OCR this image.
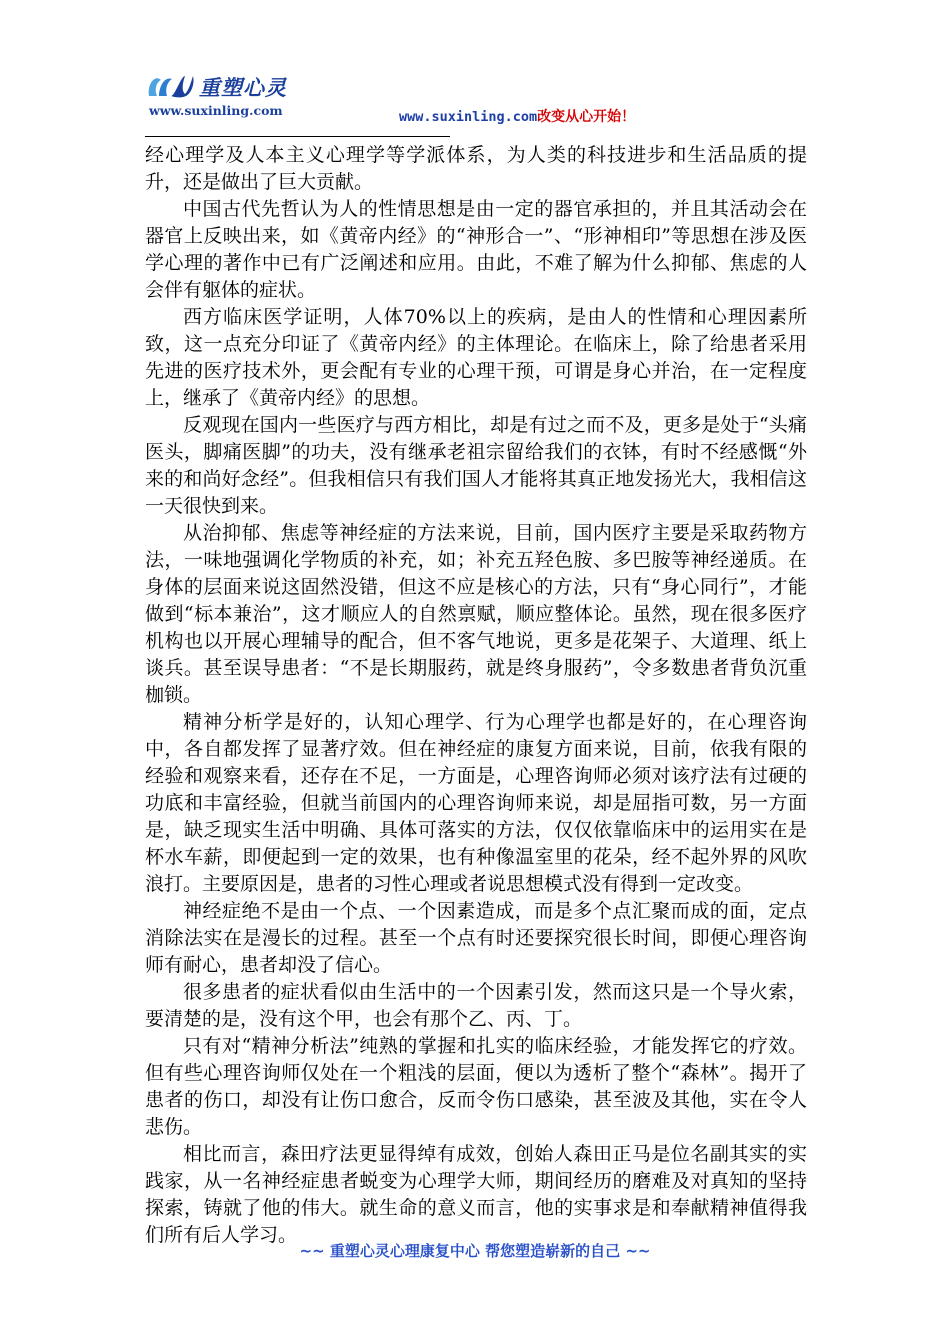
重塑心灵
www.suxinling.com	www.suxinling.com改变从心开始！

经心理学及人本主义心理学等学派体系，为人类的科技进步和生活品质的提升，还是做出了巨大贡献。

中国古代先哲认为人的性情思想是由一定的器官承担的，并且其活动会在器官上反映出来，如《黄帝内经》的“神形合一”、“形神相印”等思想在涉及医学心理的著作中已有广泛阐述和应用。由此，不难了解为什么抑郁、焦虑的人会伴有躯体的症状。

西方临床医学证明，人体70%以上的疾病，是由人的性情和心理因素所致，这一点充分印证了《黄帝内经》的主体理论。在临床上，除了给患者采用先进的医疗技术外，更会配有专业的心理干预，可谓是身心并治，在一定程度上，继承了《黄帝内经》的思想。

反观现在国内一些医疗与西方相比，却是有过之而不及，更多是处于“头痛医头，脚痛医脚”的功夫，没有继承老祖宗留给我们的衣钵，有时不经感慨“外来的和尚好念经”。但我相信只有我们国人才能将其真正地发扬光大，我相信这一天很快到来。

从治抑郁、焦虑等神经症的方法来说，目前，国内医疗主要是采取药物方法，一味地强调化学物质的补充，如；补充五羟色胺、多巴胺等神经递质。在身体的层面来说这固然没错，但这不应是核心的方法，只有“身心同行”，才能做到“标本兼治”，这才顺应人的自然禀赋，顺应整体论。虽然，现在很多医疗机构也以开展心理辅导的配合，但不客气地说，更多是花架子、大道理、纸上谈兵。甚至误导患者：“不是长期服药，就是终身服药”，令多数患者背负沉重枷锁。

精神分析学是好的，认知心理学、行为心理学也都是好的，在心理咨询中，各自都发挥了显著疗效。但在神经症的康复方面来说，目前，依我有限的经验和观察来看，还存在不足，一方面是，心理咨询师必须对该疗法有过硬的功底和丰富经验，但就当前国内的心理咨询师来说，却是屈指可数，另一方面是，缺乏现实生活中明确、具体可落实的方法，仅仅依靠临床中的运用实在是杯水车薪，即便起到一定的效果，也有种像温室里的花朵，经不起外界的风吹浪打。主要原因是，患者的习性心理或者说思想模式没有得到一定改变。

神经症绝不是由一个点、一个因素造成，而是多个点汇聚而成的面，定点消除法实在是漫长的过程。甚至一个点有时还要探究很长时间，即便心理咨询师有耐心，患者却没了信心。

很多患者的症状看似由生活中的一个因素引发，然而这只是一个导火索，要清楚的是，没有这个甲，也会有那个乙、丙、丁。

只有对“精神分析法”纯熟的掌握和扎实的临床经验，才能发挥它的疗效。但有些心理咨询师仅处在一个粗浅的层面，便以为透析了整个“森林”。揭开了患者的伤口，却没有让伤口愈合，反而令伤口感染，甚至波及其他，实在令人悲伤。

相比而言，森田疗法更显得绰有成效，创始人森田正马是位名副其实的实践家，从一名神经症患者蜕变为心理学大师，期间经历的磨难及对真知的坚持探索，铸就了他的伟大。就生命的意义而言，他的实事求是和奉献精神值得我们所有后人学习。

~~ 重塑心灵心理康复中心 帮您塑造崭新的自己 ~~
